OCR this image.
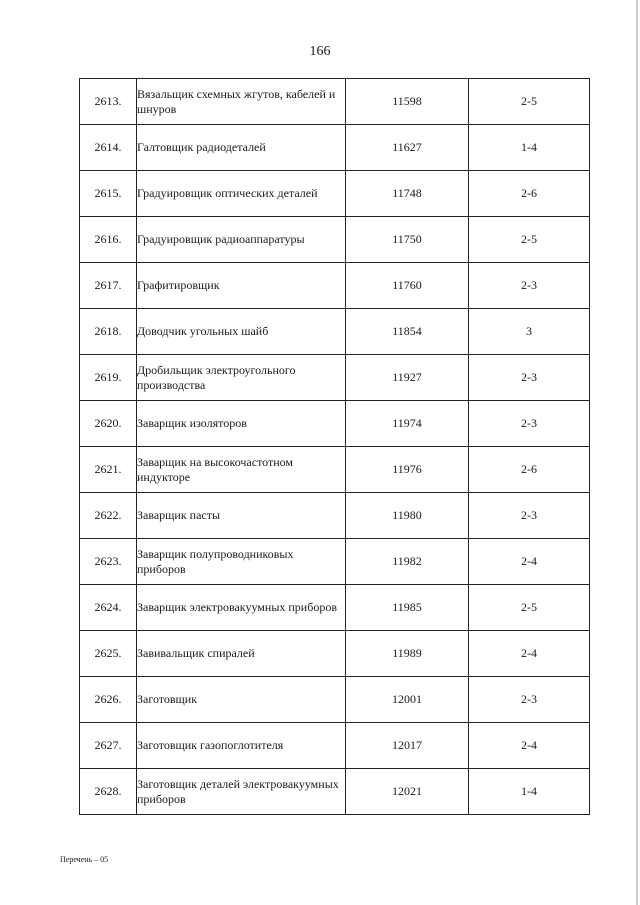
166
2613.	Вязальщик схемных жгутов, кабелей и шнуров	11598	2-5
2614.	Галтовщик радиодеталей	11627	1-4
2615.	Градуировщик оптических деталей	11748	2-6
2616.	Градуировщик радиоаппаратуры	11750	2-5
2617.	Графитировщик	11760	2-3
2618.	Доводчик угольных шайб	11854	3
2619.	Дробильщик электроугольного производства	11927	2-3
2620.	Заварщик изоляторов	11974	2-3
2621.	Заварщик на высокочастотном индукторе	11976	2-6
2622.	Заварщик пасты	11980	2-3
2623.	Заварщик полупроводниковых приборов	11982	2-4
2624.	Заварщик электровакуумных приборов	11985	2-5
2625.	Завивальщик спиралей	11989	2-4
2626.	Заготовщик	12001	2-3
2627.	Заготовщик газопоглотителя	12017	2-4
2628.	Заготовщик деталей электровакуумных приборов	12021	1-4
Перечень – 05
